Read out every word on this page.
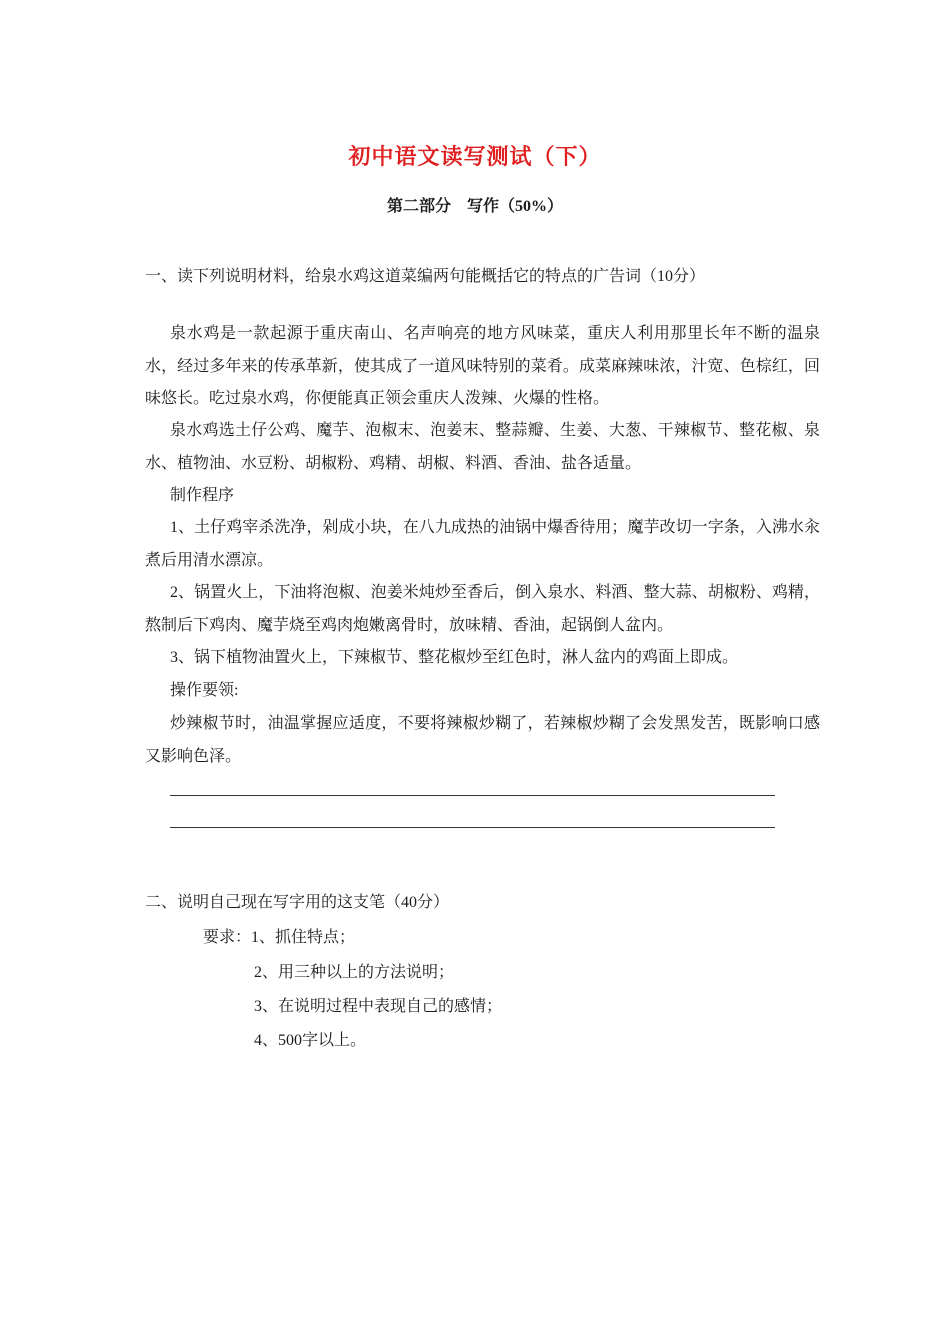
初中语文读写测试（下）
第二部分　写作（50%）
一、读下列说明材料，给泉水鸡这道菜编两句能概括它的特点的广告词（10分）
泉水鸡是一款起源于重庆南山、名声响亮的地方风味菜，重庆人利用那里长年不断的温泉水，经过多年来的传承革新，使其成了一道风味特别的菜肴。成菜麻辣味浓，汁宽、色棕红，回味悠长。吃过泉水鸡，你便能真正领会重庆人泼辣、火爆的性格。
泉水鸡选土仔公鸡、魔芋、泡椒末、泡姜末、整蒜瓣、生姜、大葱、干辣椒节、整花椒、泉水、植物油、水豆粉、胡椒粉、鸡精、胡椒、料酒、香油、盐各适量。
制作程序
1、土仔鸡宰杀洗净，剁成小块，在八九成热的油锅中爆香待用；魔芋改切一字条，入沸水汆煮后用清水漂凉。
2、锅置火上，下油将泡椒、泡姜米炖炒至香后，倒入泉水、料酒、整大蒜、胡椒粉、鸡精，熬制后下鸡肉、魔芋烧至鸡肉炮嫩离骨时，放味精、香油，起锅倒人盆内。
3、锅下植物油置火上，下辣椒节、整花椒炒至红色时，淋人盆内的鸡面上即成。
操作要领:
炒辣椒节时，油温掌握应适度，不要将辣椒炒糊了，若辣椒炒糊了会发黑发苦，既影响口感又影响色泽。
二、说明自己现在写字用的这支笔（40分）
要求：1、抓住特点；
2、用三种以上的方法说明；
3、在说明过程中表现自己的感情；
4、500字以上。
